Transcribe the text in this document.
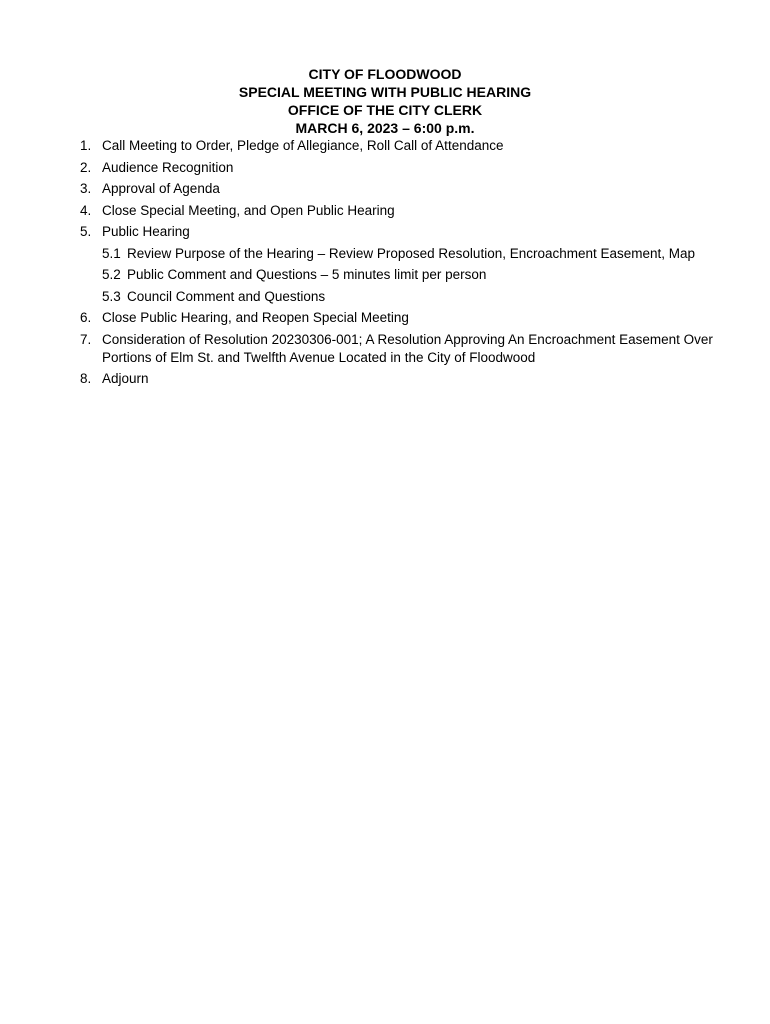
CITY OF FLOODWOOD
SPECIAL MEETING WITH PUBLIC HEARING
OFFICE OF THE CITY CLERK
MARCH 6, 2023 – 6:00 p.m.
1. Call Meeting to Order, Pledge of Allegiance, Roll Call of Attendance
2. Audience Recognition
3. Approval of Agenda
4. Close Special Meeting, and Open Public Hearing
5. Public Hearing
5.1 Review Purpose of the Hearing – Review Proposed Resolution, Encroachment Easement, Map
5.2 Public Comment and Questions – 5 minutes limit per person
5.3 Council Comment and Questions
6. Close Public Hearing, and Reopen Special Meeting
7. Consideration of Resolution 20230306-001; A Resolution Approving An Encroachment Easement Over Portions of Elm St. and Twelfth Avenue Located in the City of Floodwood
8. Adjourn
